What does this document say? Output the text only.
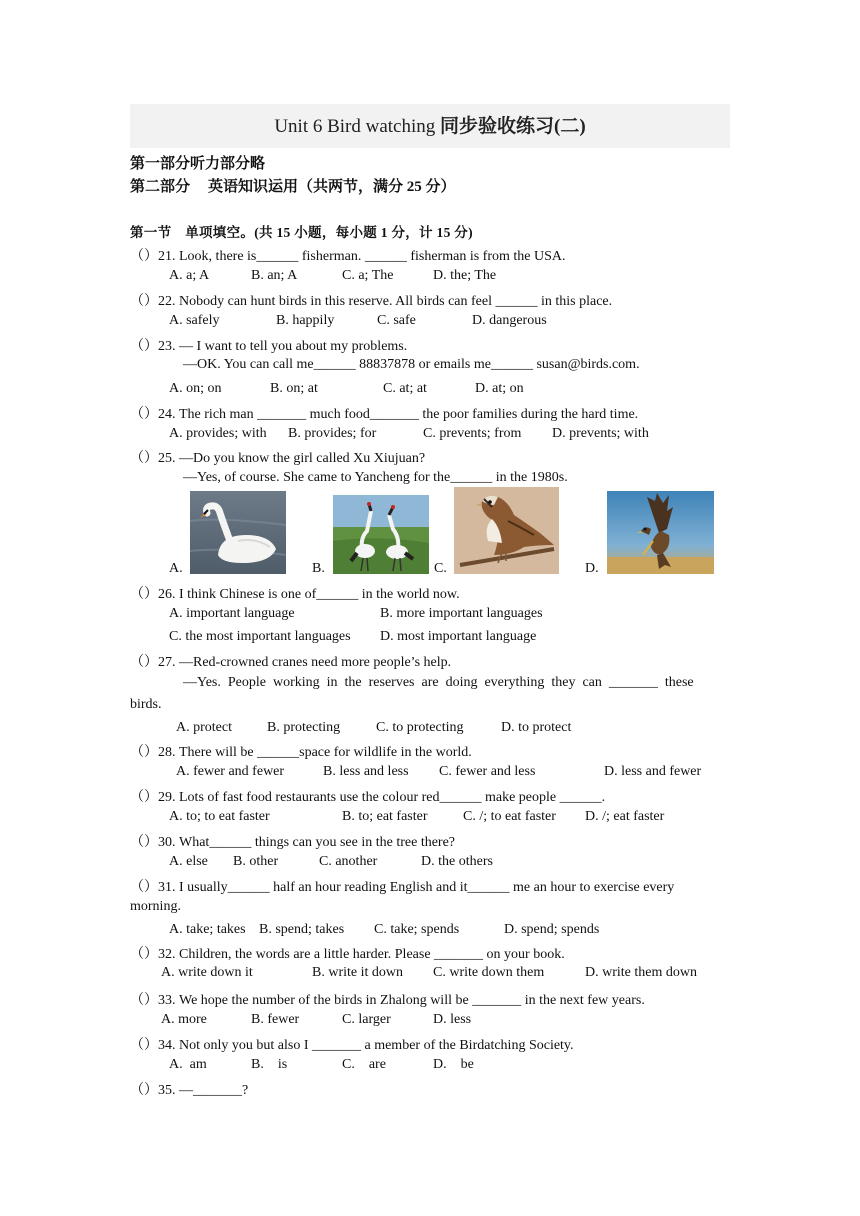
Unit 6 Bird watching 同步验收练习(二)
第一部分听力部分略
第二部分 英语知识运用（共两节，满分 25 分）
第一节　单项填空。(共 15 小题，每小题 1 分，计 15 分)
（）21. Look, there is______ fisherman. ______ fisherman is from the USA.
A. a; A	B. an; A	C. a; The	D. the; The
（）22. Nobody can hunt birds in this reserve. All birds can feel ______ in this place.
A. safely	B. happily	C. safe	D. dangerous
（）23. — I want to tell you about my problems.
—OK. You can call me______ 88837878 or emails me______ susan@birds.com.
A. on; on	B. on; at	C. at; at	D. at; on
（）24. The rich man _______ much food_______ the poor families during the hard time.
A. provides; with B. provides; for	C. prevents; from D. prevents; with
（）25. —Do you know the girl called Xu Xiujuan?
—Yes, of course. She came to Yancheng for the______ in the 1980s.
A.	B.	C.	D.
（）26. I think Chinese is one of______ in the world now.
A. important language	B. more important languages
C. the most important languages D. most important language
（）27. —Red-crowned cranes need more people’s help.
—Yes.  People  working  in  the  reserves  are  doing  everything  they  can  _______  these
birds.
A. protect	B. protecting	C. to protecting	D. to protect
（）28. There will be ______space for wildlife in the world.
A. fewer and fewer	B. less and less C. fewer and less	D. less and fewer
（）29. Lots of fast food restaurants use the colour red______ make people ______.
A. to; to eat faster	B. to; eat faster	C. /; to eat faster D. /; eat faster
（）30. What______ things can you see in the tree there?
A. else B. other	C. another	D. the others
（）31. I usually______ half an hour reading English and it______ me an hour to exercise every
morning.
A. take; takes B. spend; takes C. take; spends	D. spend; spends
（）32. Children, the words are a little harder. Please _______ on your book.
A. write down it	B. write it down C. write down them	D. write them down
（）33. We hope the number of the birds in Zhalong will be _______ in the next few years.
A. more	B. fewer	C. larger	D. less
（）34. Not only you but also I _______ a member of the Birdatching Society.
A.  am	B.    is	C.    are	D.    be
（）35. —_______?
